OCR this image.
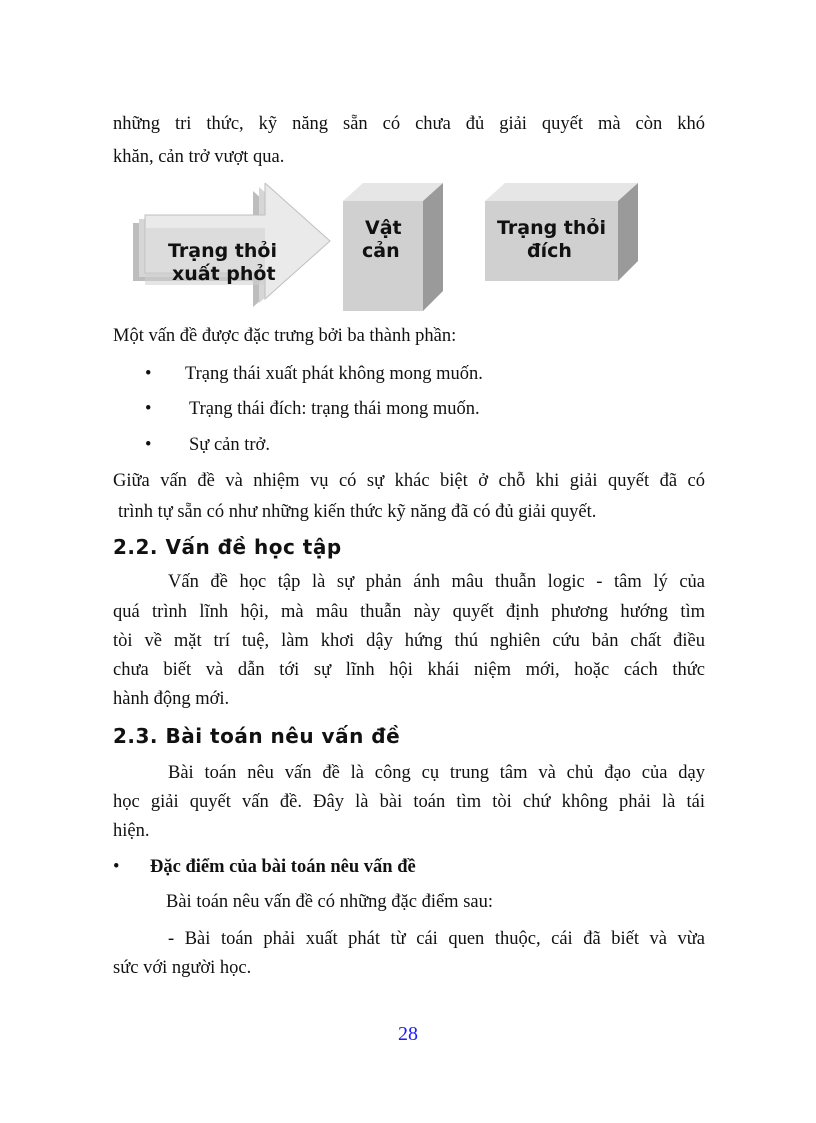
những tri thức, kỹ năng sẵn có chưa đủ giải quyết mà còn khó

khăn, cản trở vượt qua.

Trạng thỏi
xuất phỏt
Vật
cản
Trạng thỏi
đích

Một vấn đề được đặc trưng bởi ba thành phần:

• Trạng thái xuất phát không mong muốn.
• Trạng thái đích: trạng thái mong muốn.
• Sự cản trở.

Giữa vấn đề và nhiệm vụ có sự khác biệt ở chỗ khi giải quyết đã có

trình tự sẵn có như những kiến thức kỹ năng đã có đủ giải quyết.

2.2. Vấn đề học tập

Vấn đề học tập là sự phản ánh mâu thuẫn logic - tâm lý của

quá trình lĩnh hội, mà mâu thuẫn này quyết định phương hướng tìm

tòi về mặt trí tuệ, làm khơi dậy hứng thú nghiên cứu bản chất điều

chưa biết và dẫn tới sự lĩnh hội khái niệm mới, hoặc cách thức

hành động mới.

2.3. Bài toán nêu vấn đề

Bài toán nêu vấn đề là công cụ trung tâm và chủ đạo của dạy

học giải quyết vấn đề. Đây là bài toán tìm tòi chứ không phải là tái

hiện.

• Đặc điểm của bài toán nêu vấn đề

Bài toán nêu vấn đề có những đặc điểm sau:

- Bài toán phải xuất phát từ cái quen thuộc, cái đã biết và vừa

sức với người học.

28
